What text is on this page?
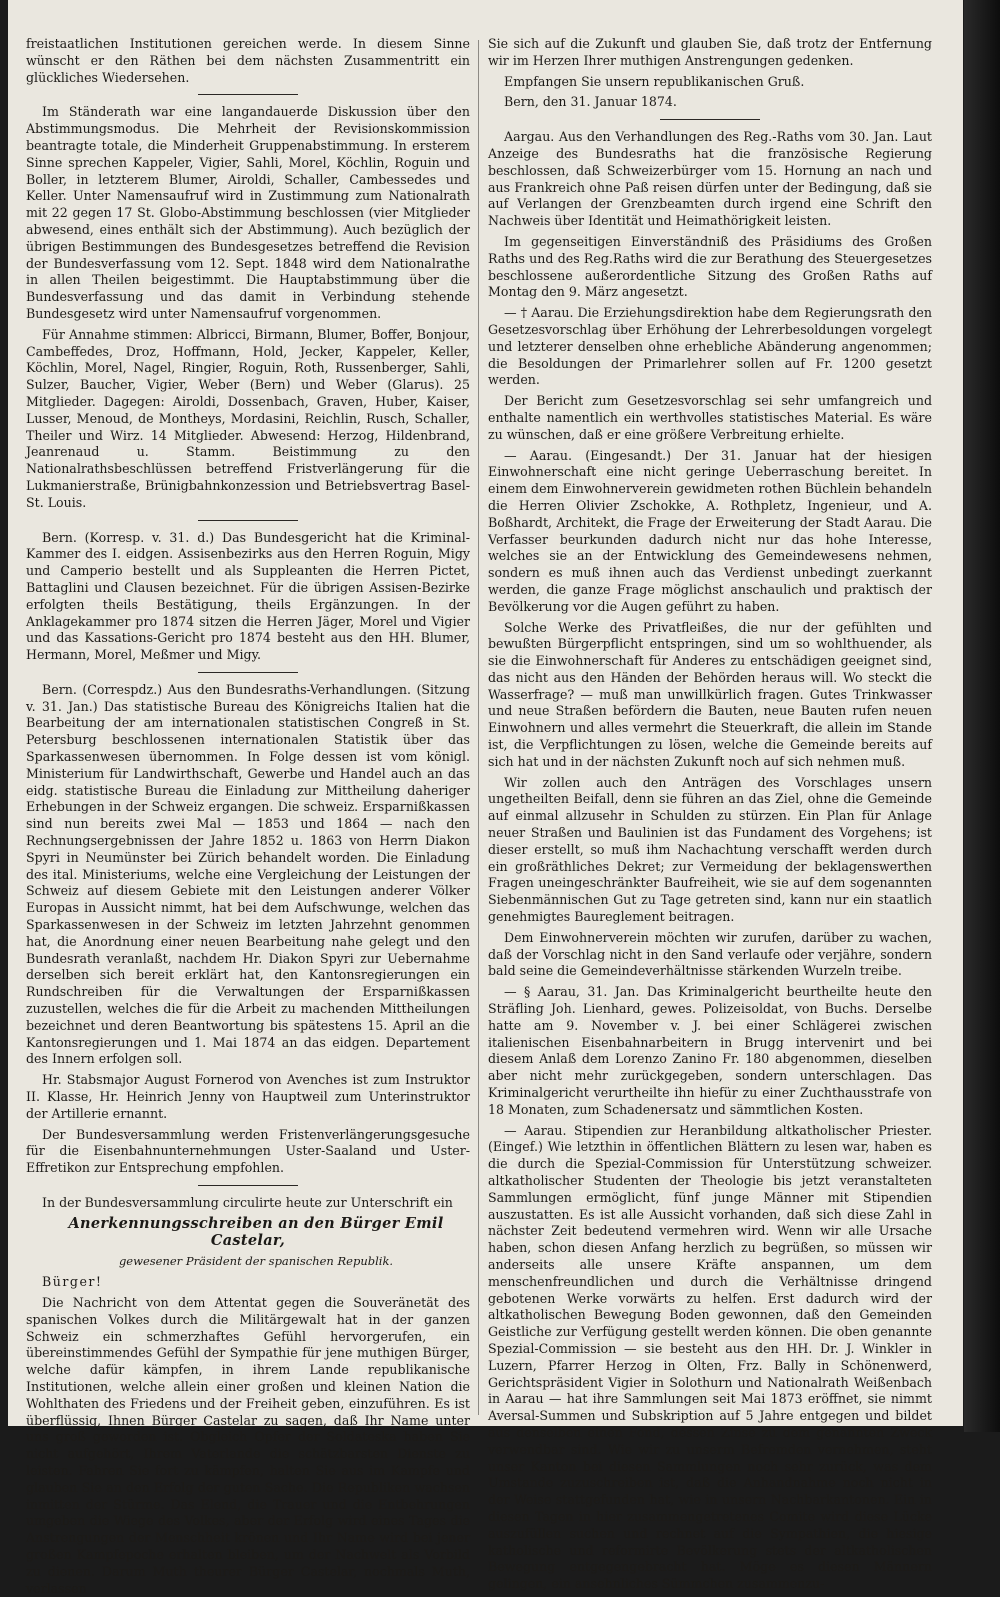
freistaatlichen Institutionen gereichen werde. In diesem Sinne wünscht er den Räthen bei dem nächsten Zusammentritt ein glückliches Wiedersehen.

Im Ständerath war eine langandauerde Diskussion über den Abstimmungsmodus. Die Mehrheit der Revisionskommission beantragte totale, die Minderheit Gruppenabstimmung. In ersterem Sinne sprechen Kappeler, Vigier, Sahli, Morel, Köchlin, Roguin und Boller, in letzterem Blumer, Airoldi, Schaller, Cambessedes und Keller. Unter Namensaufruf wird in Zustimmung zum Nationalrath mit 22 gegen 17 St. Globo-Abstimmung beschlossen (vier Mitglieder abwesend, eines enthält sich der Abstimmung). Auch bezüglich der übrigen Bestimmungen des Bundesgesetzes betreffend die Revision der Bundesverfassung vom 12. Sept. 1848 wird dem Nationalrathe in allen Theilen beigestimmt. Die Hauptabstimmung über die Bundesverfassung und das damit in Verbindung stehende Bundesgesetz wird unter Namensaufruf vorgenommen.

Für Annahme stimmen: Albricci, Birmann, Blumer, Boffer, Bonjour, Cambeffedes, Droz, Hoffmann, Hold, Jecker, Kappeler, Keller, Köchlin, Morel, Nagel, Ringier, Roguin, Roth, Russenberger, Sahli, Sulzer, Baucher, Vigier, Weber (Bern) und Weber (Glarus). 25 Mitglieder. Dagegen: Airoldi, Dossenbach, Graven, Huber, Kaiser, Lusser, Menoud, de Montheys, Mordasini, Reichlin, Rusch, Schaller, Theiler und Wirz. 14 Mitglieder. Abwesend: Herzog, Hildenbrand, Jeanrenaud u. Stamm. Beistimmung zu den Nationalrathsbeschlüssen betreffend Fristverlängerung für die Lukmanierstraße, Brünigbahnkonzession und Betriebsvertrag Basel-St. Louis.

Bern. (Korresp. v. 31. d.) Das Bundesgericht hat die Kriminal-Kammer des I. eidgen. Assisenbezirks aus den Herren Roguin, Migy und Camperio bestellt und als Suppleanten die Herren Pictet, Battaglini und Clausen bezeichnet. Für die übrigen Assisen-Bezirke erfolgten theils Bestätigung, theils Ergänzungen. In der Anklagekammer pro 1874 sitzen die Herren Jäger, Morel und Vigier und das Kassations-Gericht pro 1874 besteht aus den HH. Blumer, Hermann, Morel, Meßmer und Migy.

Bern. (Correspdz.) Aus den Bundesraths-Verhandlungen. (Sitzung v. 31. Jan.) Das statistische Bureau des Königreichs Italien hat die Bearbeitung der am internationalen statistischen Congreß in St. Petersburg beschlossenen internationalen Statistik über das Sparkassenwesen übernommen. In Folge dessen ist vom königl. Ministerium für Landwirthschaft, Gewerbe und Handel auch an das eidg. statistische Bureau die Einladung zur Mittheilung daheriger Erhebungen in der Schweiz ergangen. Die schweiz. Ersparnißkassen sind nun bereits zwei Mal — 1853 und 1864 — nach den Rechnungsergebnissen der Jahre 1852 u. 1863 von Herrn Diakon Spyri in Neumünster bei Zürich behandelt worden. Die Einladung des ital. Ministeriums, welche eine Vergleichung der Leistungen der Schweiz auf diesem Gebiete mit den Leistungen anderer Völker Europas in Aussicht nimmt, hat bei dem Aufschwunge, welchen das Sparkassenwesen in der Schweiz im letzten Jahrzehnt genommen hat, die Anordnung einer neuen Bearbeitung nahe gelegt und den Bundesrath veranlaßt, nachdem Hr. Diakon Spyri zur Uebernahme derselben sich bereit erklärt hat, den Kantonsregierungen ein Rundschreiben für die Verwaltungen der Ersparnißkassen zuzustellen, welches die für die Arbeit zu machenden Mittheilungen bezeichnet und deren Beantwortung bis spätestens 15. April an die Kantonsregierungen und 1. Mai 1874 an das eidgen. Departement des Innern erfolgen soll.

Hr. Stabsmajor August Fornerod von Avenches ist zum Instruktor II. Klasse, Hr. Heinrich Jenny von Hauptweil zum Unterinstruktor der Artillerie ernannt.

Der Bundesversammlung werden Fristenverlängerungsgesuche für die Eisenbahnunternehmungen Uster-Saaland und Uster-Effretikon zur Entsprechung empfohlen.

In der Bundesversammlung circulirte heute zur Unterschrift ein

Anerkennungsschreiben an den Bürger Emil Castelar,

gewesener Präsident der spanischen Republik.

Bürger!

Die Nachricht von dem Attentat gegen die Souveränetät des spanischen Volkes durch die Militärgewalt hat in der ganzen Schweiz ein schmerzhaftes Gefühl hervorgerufen, ein übereinstimmendes Gefühl der Sympathie für jene muthigen Bürger, welche dafür kämpfen, in ihrem Lande republikanische Institutionen, welche allein einer großen und kleinen Nation die Wohlthaten des Friedens und der Freiheit geben, einzuführen. Es ist überflüssig, Ihnen Bürger Castelar zu sagen, daß Ihr Name unter uns groß geworden ist. Obgleich Opfer der Soldateska haben Sie nicht aufgehört, Ihrem Vaterlande die schätzbarsten Dienste zu leisten. Fahren Sie fort zu kämpfen, halten Sie aus im Kampfe und glauben Sie an den Erfolg der guten Sache. Die Republiken wachsen inmitten der Stürme. Das Elend, die Trauer und die Entbehrungen umgeben die Wiege des Volkes, aber der Erfolg wird eines Tages die Anstrengungen der Menschheit krönen und Ihr Name wird bei jener großen Kampfepoche erhalten bleiben, um der Nachwelt als Vorbild zu dienen. Darum Muth theurer Bürger Castelar, nochmals Muth, verlassen

Sie sich auf die Zukunft und glauben Sie, daß trotz der Entfernung wir im Herzen Ihrer muthigen Anstrengungen gedenken.

Empfangen Sie unsern republikanischen Gruß.

Bern, den 31. Januar 1874.

Aargau. Aus den Verhandlungen des Reg.-Raths vom 30. Jan. Laut Anzeige des Bundesraths hat die französische Regierung beschlossen, daß Schweizerbürger vom 15. Hornung an nach und aus Frankreich ohne Paß reisen dürfen unter der Bedingung, daß sie auf Verlangen der Grenzbeamten durch irgend eine Schrift den Nachweis über Identität und Heimathörigkeit leisten.

Im gegenseitigen Einverständniß des Präsidiums des Großen Raths und des Reg.Raths wird die zur Berathung des Steuergesetzes beschlossene außerordentliche Sitzung des Großen Raths auf Montag den 9. März angesetzt.

— † Aarau. Die Erziehungsdirektion habe dem Regierungsrath den Gesetzesvorschlag über Erhöhung der Lehrerbesoldungen vorgelegt und letzterer denselben ohne erhebliche Abänderung angenommen; die Besoldungen der Primarlehrer sollen auf Fr. 1200 gesetzt werden.

Der Bericht zum Gesetzesvorschlag sei sehr umfangreich und enthalte namentlich ein werthvolles statistisches Material. Es wäre zu wünschen, daß er eine größere Verbreitung erhielte.

— Aarau. (Eingesandt.) Der 31. Januar hat der hiesigen Einwohnerschaft eine nicht geringe Ueberraschung bereitet. In einem dem Einwohnerverein gewidmeten rothen Büchlein behandeln die Herren Olivier Zschokke, A. Rothpletz, Ingenieur, und A. Boßhardt, Architekt, die Frage der Erweiterung der Stadt Aarau. Die Verfasser beurkunden dadurch nicht nur das hohe Interesse, welches sie an der Entwicklung des Gemeindewesens nehmen, sondern es muß ihnen auch das Verdienst unbedingt zuerkannt werden, die ganze Frage möglichst anschaulich und praktisch der Bevölkerung vor die Augen geführt zu haben.

Solche Werke des Privatfleißes, die nur der gefühlten und bewußten Bürgerpflicht entspringen, sind um so wohlthuender, als sie die Einwohnerschaft für Anderes zu entschädigen geeignet sind, das nicht aus den Händen der Behörden heraus will. Wo steckt die Wasserfrage? — muß man unwillkürlich fragen. Gutes Trinkwasser und neue Straßen befördern die Bauten, neue Bauten rufen neuen Einwohnern und alles vermehrt die Steuerkraft, die allein im Stande ist, die Verpflichtungen zu lösen, welche die Gemeinde bereits auf sich hat und in der nächsten Zukunft noch auf sich nehmen muß.

Wir zollen auch den Anträgen des Vorschlages unsern ungetheilten Beifall, denn sie führen an das Ziel, ohne die Gemeinde auf einmal allzusehr in Schulden zu stürzen. Ein Plan für Anlage neuer Straßen und Baulinien ist das Fundament des Vorgehens; ist dieser erstellt, so muß ihm Nachachtung verschafft werden durch ein großräthliches Dekret; zur Vermeidung der beklagenswerthen Fragen uneingeschränkter Baufreiheit, wie sie auf dem sogenannten Siebenmännischen Gut zu Tage getreten sind, kann nur ein staatlich genehmigtes Baureglement beitragen.

Dem Einwohnerverein möchten wir zurufen, darüber zu wachen, daß der Vorschlag nicht in den Sand verlaufe oder verjähre, sondern bald seine die Gemeindeverhältnisse stärkenden Wurzeln treibe.

— § Aarau, 31. Jan. Das Kriminalgericht beurtheilte heute den Sträfling Joh. Lienhard, gewes. Polizeisoldat, von Buchs. Derselbe hatte am 9. November v. J. bei einer Schlägerei zwischen italienischen Eisenbahnarbeitern in Brugg intervenirt und bei diesem Anlaß dem Lorenzo Zanino Fr. 180 abgenommen, dieselben aber nicht mehr zurückgegeben, sondern unterschlagen. Das Kriminalgericht verurtheilte ihn hiefür zu einer Zuchthausstrafe von 18 Monaten, zum Schadenersatz und sämmtlichen Kosten.

— Aarau. Stipendien zur Heranbildung altkatholischer Priester. (Eingef.) Wie letzthin in öffentlichen Blättern zu lesen war, haben es die durch die Spezial-Commission für Unterstützung schweizer. altkatholischer Studenten der Theologie bis jetzt veranstalteten Sammlungen ermöglicht, fünf junge Männer mit Stipendien auszustatten. Es ist alle Aussicht vorhanden, daß sich diese Zahl in nächster Zeit bedeutend vermehren wird. Wenn wir alle Ursache haben, schon diesen Anfang herzlich zu begrüßen, so müssen wir anderseits alle unsere Kräfte anspannen, um dem menschenfreundlichen und durch die Verhältnisse dringend gebotenen Werke vorwärts zu helfen. Erst dadurch wird der altkatholischen Bewegung Boden gewonnen, daß den Gemeinden Geistliche zur Verfügung gestellt werden können. Die oben genannte Spezial-Commission — sie besteht aus den HH. Dr. J. Winkler in Luzern, Pfarrer Herzog in Olten, Frz. Bally in Schönenwerd, Gerichtspräsident Vigier in Solothurn und Nationalrath Weißenbach in Aarau — hat ihre Sammlungen seit Mai 1873 eröffnet, sie nimmt Aversal-Summen und Subskription auf 5 Jahre entgegen und bildet aus denselben einen Fond, dessen Zinse zu dem genannten Zweck verwendbar sind. Wie wir zu unserm Befremden vernehmen, steht unser Kanton bei diesen Sammlungen noch sehr zurück, was dem Umstande zuzuschreiben ist, daß die Anhandnahme noch nicht in der Weise stattgefunden hat, wie in unsern Nachbarkantonen. Ein in diesen Tagen in hier zusammengetretenes Comite wird diese Lücke auszufüllen suchen und rechnet auf die Sympathien, die hiesige katholische und reformirte Bevölkerung stets der altkatholischen Bewegung entgegengebracht hat. Möge es diesen Männern gelingen, ein ansehnliches Sümmchen zusammenzu-
